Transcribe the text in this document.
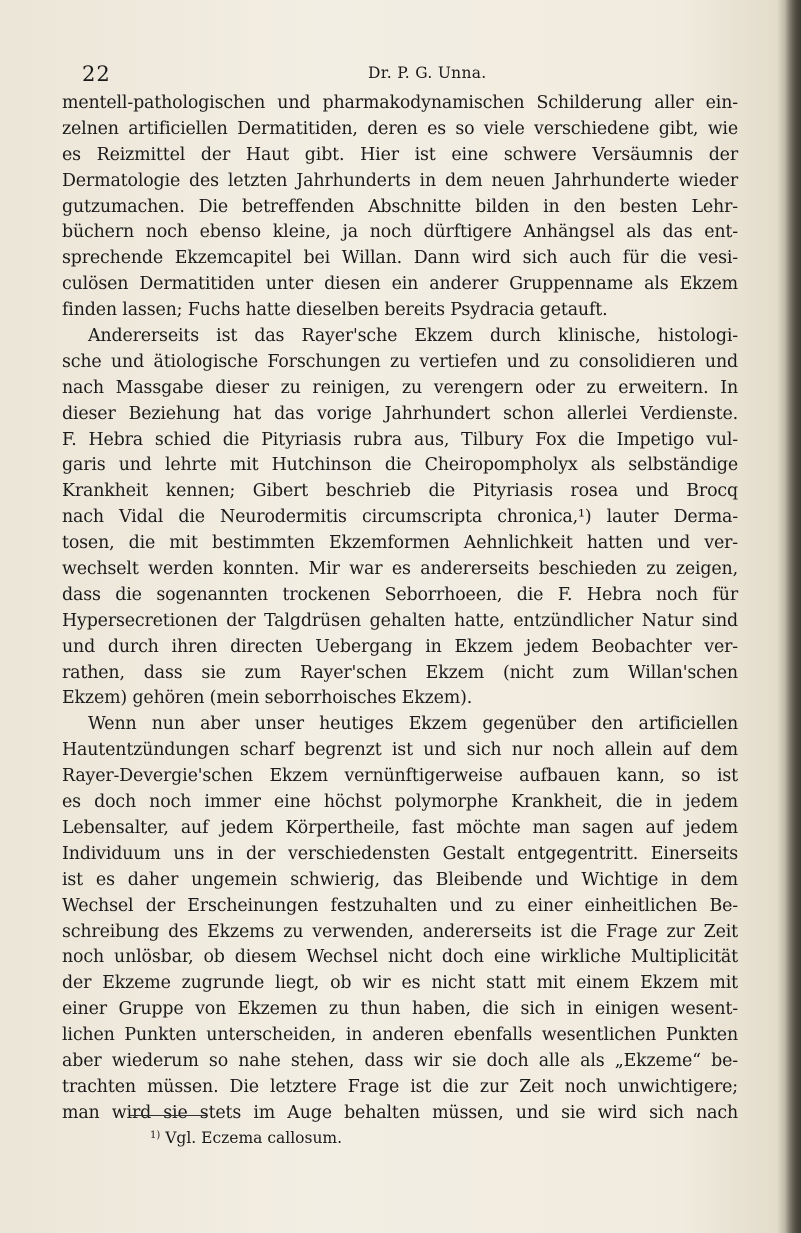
22	Dr. P. G. Unna.
mentell-pathologischen und pharmakodynamischen Schilderung aller ein-
zelnen artificiellen Dermatitiden, deren es so viele verschiedene gibt, wie
es Reizmittel der Haut gibt. Hier ist eine schwere Versäumnis der
Dermatologie des letzten Jahrhunderts in dem neuen Jahrhunderte wieder
gutzumachen. Die betreffenden Abschnitte bilden in den besten Lehr-
büchern noch ebenso kleine, ja noch dürftigere Anhängsel als das ent-
sprechende Ekzemcapitel bei Willan. Dann wird sich auch für die vesi-
culösen Dermatitiden unter diesen ein anderer Gruppenname als Ekzem
finden lassen; Fuchs hatte dieselben bereits Psydracia getauft.
Andererseits ist das Rayer'sche Ekzem durch klinische, histologi-
sche und ätiologische Forschungen zu vertiefen und zu consolidieren und
nach Massgabe dieser zu reinigen, zu verengern oder zu erweitern. In
dieser Beziehung hat das vorige Jahrhundert schon allerlei Verdienste.
F. Hebra schied die Pityriasis rubra aus, Tilbury Fox die Impetigo vul-
garis und lehrte mit Hutchinson die Cheiropompholyx als selbständige
Krankheit kennen; Gibert beschrieb die Pityriasis rosea und Brocq
nach Vidal die Neurodermitis circumscripta chronica,¹) lauter Derma-
tosen, die mit bestimmten Ekzemformen Aehnlichkeit hatten und ver-
wechselt werden konnten. Mir war es andererseits beschieden zu zeigen,
dass die sogenannten trockenen Seborrhoeen, die F. Hebra noch für
Hypersecretionen der Talgdrüsen gehalten hatte, entzündlicher Natur sind
und durch ihren directen Uebergang in Ekzem jedem Beobachter ver-
rathen, dass sie zum Rayer'schen Ekzem (nicht zum Willan'schen
Ekzem) gehören (mein seborrhoisches Ekzem).
Wenn nun aber unser heutiges Ekzem gegenüber den artificiellen
Hautentzündungen scharf begrenzt ist und sich nur noch allein auf dem
Rayer-Devergie'schen Ekzem vernünftigerweise aufbauen kann, so ist
es doch noch immer eine höchst polymorphe Krankheit, die in jedem
Lebensalter, auf jedem Körpertheile, fast möchte man sagen auf jedem
Individuum uns in der verschiedensten Gestalt entgegentritt. Einerseits
ist es daher ungemein schwierig, das Bleibende und Wichtige in dem
Wechsel der Erscheinungen festzuhalten und zu einer einheitlichen Be-
schreibung des Ekzems zu verwenden, andererseits ist die Frage zur Zeit
noch unlösbar, ob diesem Wechsel nicht doch eine wirkliche Multiplicität
der Ekzeme zugrunde liegt, ob wir es nicht statt mit einem Ekzem mit
einer Gruppe von Ekzemen zu thun haben, die sich in einigen wesent-
lichen Punkten unterscheiden, in anderen ebenfalls wesentlichen Punkten
aber wiederum so nahe stehen, dass wir sie doch alle als „Ekzeme“ be-
trachten müssen. Die letztere Frage ist die zur Zeit noch unwichtigere;
man wird sie stets im Auge behalten müssen, und sie wird sich nach
$^{1)}$ Vgl. Eczema callosum.
